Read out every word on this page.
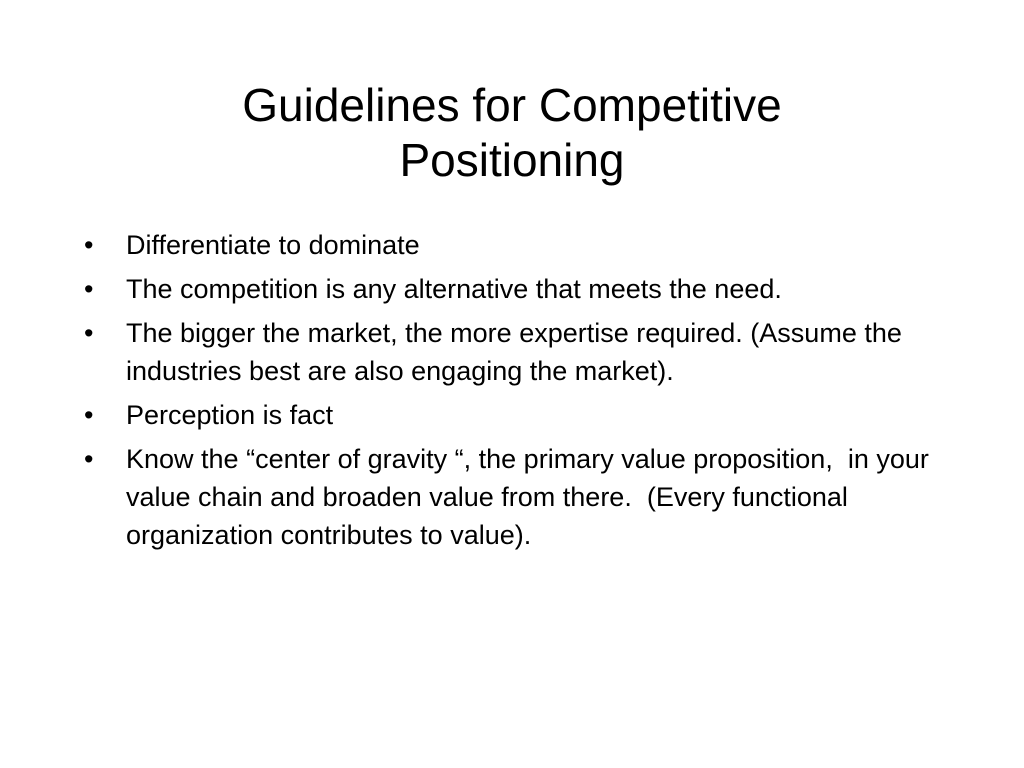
Guidelines for Competitive
Positioning
•	Differentiate to dominate
•	The competition is any alternative that meets the need.
•	The bigger the market, the more expertise required. (Assume the industries best are also engaging the market).
•	Perception is fact
•	Know the “center of gravity “, the primary value proposition,  in your value chain and broaden value from there.  (Every functional organization contributes to value).
